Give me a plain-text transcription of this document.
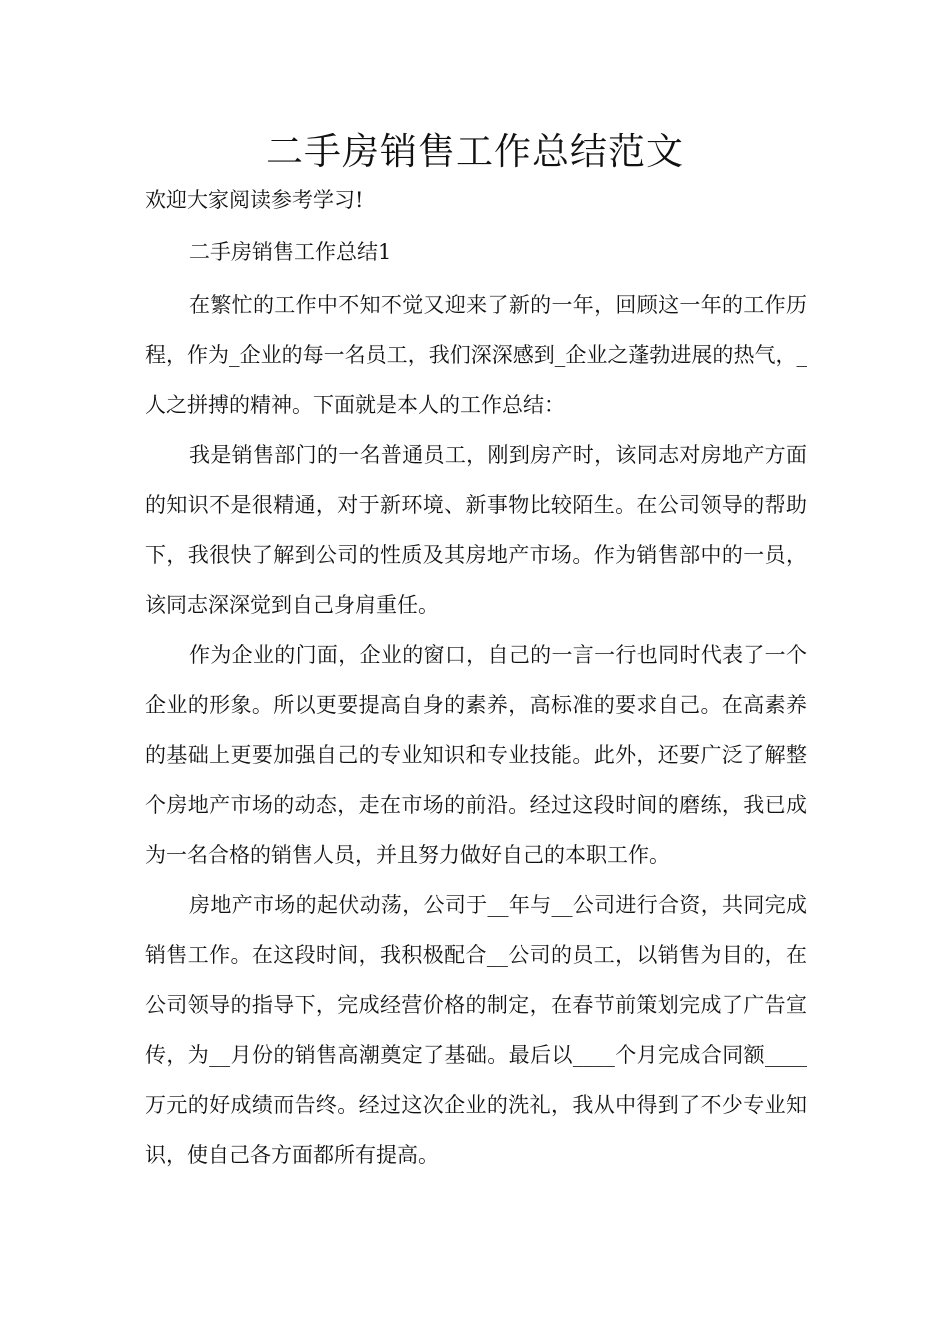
二手房销售工作总结范文

欢迎大家阅读参考学习!

二手房销售工作总结1

在繁忙的工作中不知不觉又迎来了新的一年，回顾这一年的工作历程，作为_企业的每一名员工，我们深深感到_企业之蓬勃进展的热气，_人之拼搏的精神。下面就是本人的工作总结：

我是销售部门的一名普通员工，刚到房产时，该同志对房地产方面的知识不是很精通，对于新环境、新事物比较陌生。在公司领导的帮助下，我很快了解到公司的性质及其房地产市场。作为销售部中的一员，该同志深深觉到自己身肩重任。

作为企业的门面，企业的窗口，自己的一言一行也同时代表了一个企业的形象。所以更要提高自身的素养，高标准的要求自己。在高素养的基础上更要加强自己的专业知识和专业技能。此外，还要广泛了解整个房地产市场的动态，走在市场的前沿。经过这段时间的磨练，我已成为一名合格的销售人员，并且努力做好自己的本职工作。

房地产市场的起伏动荡，公司于__年与__公司进行合资，共同完成销售工作。在这段时间，我积极配合__公司的员工，以销售为目的，在公司领导的指导下，完成经营价格的制定，在春节前策划完成了广告宣传，为__月份的销售高潮奠定了基础。最后以____个月完成合同额____万元的好成绩而告终。经过这次企业的洗礼，我从中得到了不少专业知识，使自己各方面都所有提高。
